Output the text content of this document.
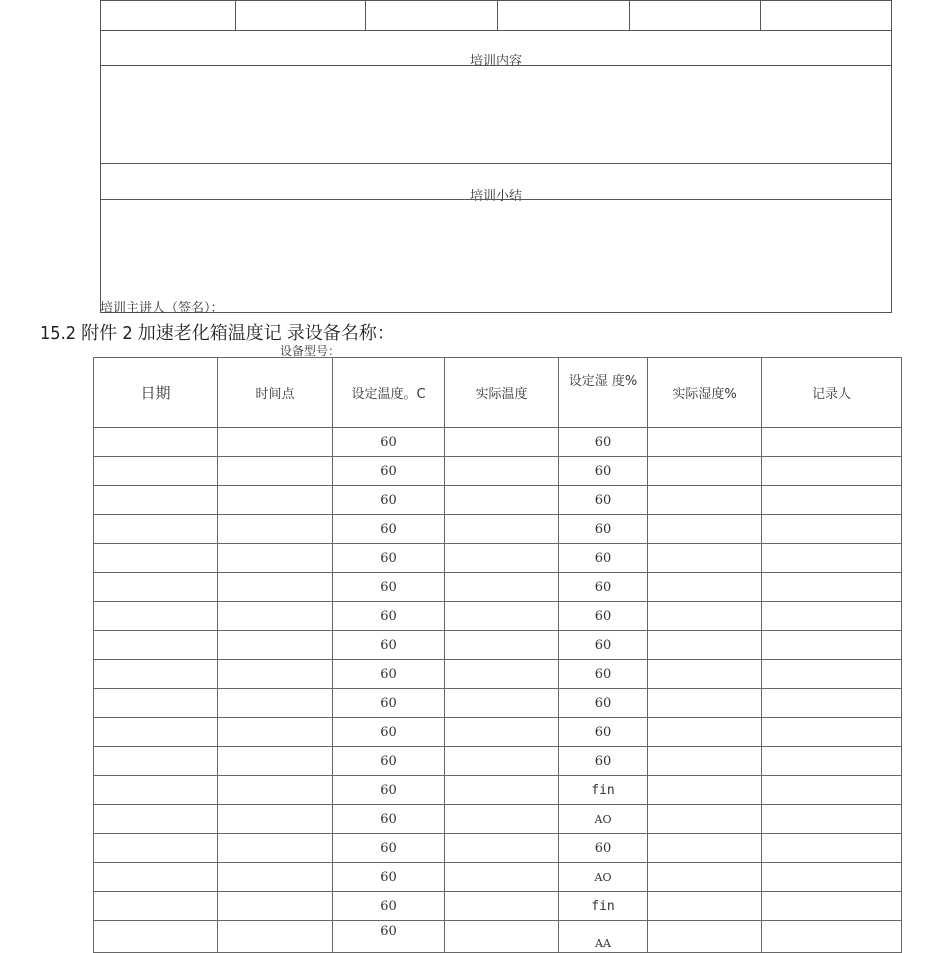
培训内容
培训小结
培训主讲人（签名）：
15.2 附件 2 加速老化箱温度记 录设备名称：
设备型号：
日期	时间点	设定温度。C	实际温度	设定湿 度%	实际湿度%	记录人
		60		60		
		60		60		
		60		60		
		60		60		
		60		60		
		60		60		
		60		60		
		60		60		
		60		60		
		60		60		
		60		60		
		60		60		
		60		fin		
		60		AO		
		60		60		
		60		AO		
		60		fin		
		60		AA		
